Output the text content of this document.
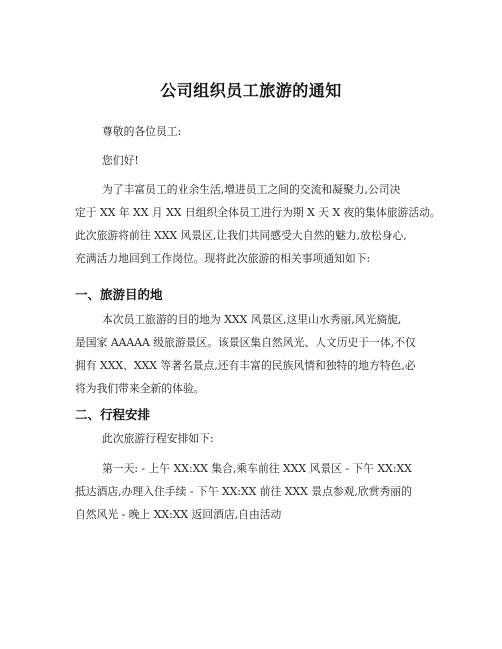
公司组织员工旅游的通知
尊敬的各位员工:
您们好!
为了丰富员工的业余生活,增进员工之间的交流和凝聚力,公司决
定于 XX 年 XX 月 XX 日组织全体员工进行为期 X 天 X 夜的集体旅游活动。
此次旅游将前往 XXX 风景区,让我们共同感受大自然的魅力,放松身心,
充满活力地回到工作岗位。现将此次旅游的相关事项通知如下:
一、旅游目的地
本次员工旅游的目的地为 XXX 风景区,这里山水秀丽,风光旖旎,
是国家 AAAAA 级旅游景区。该景区集自然风光、人文历史于一体,不仅
拥有 XXX、XXX 等著名景点,还有丰富的民族风情和独特的地方特色,必
将为我们带来全新的体验。
二、行程安排
此次旅游行程安排如下:
第一天: - 上午 XX:XX 集合,乘车前往 XXX 风景区 - 下午 XX:XX
抵达酒店,办理入住手续 - 下午 XX:XX 前往 XXX 景点参观,欣赏秀丽的
自然风光 - 晚上 XX:XX 返回酒店,自由活动
